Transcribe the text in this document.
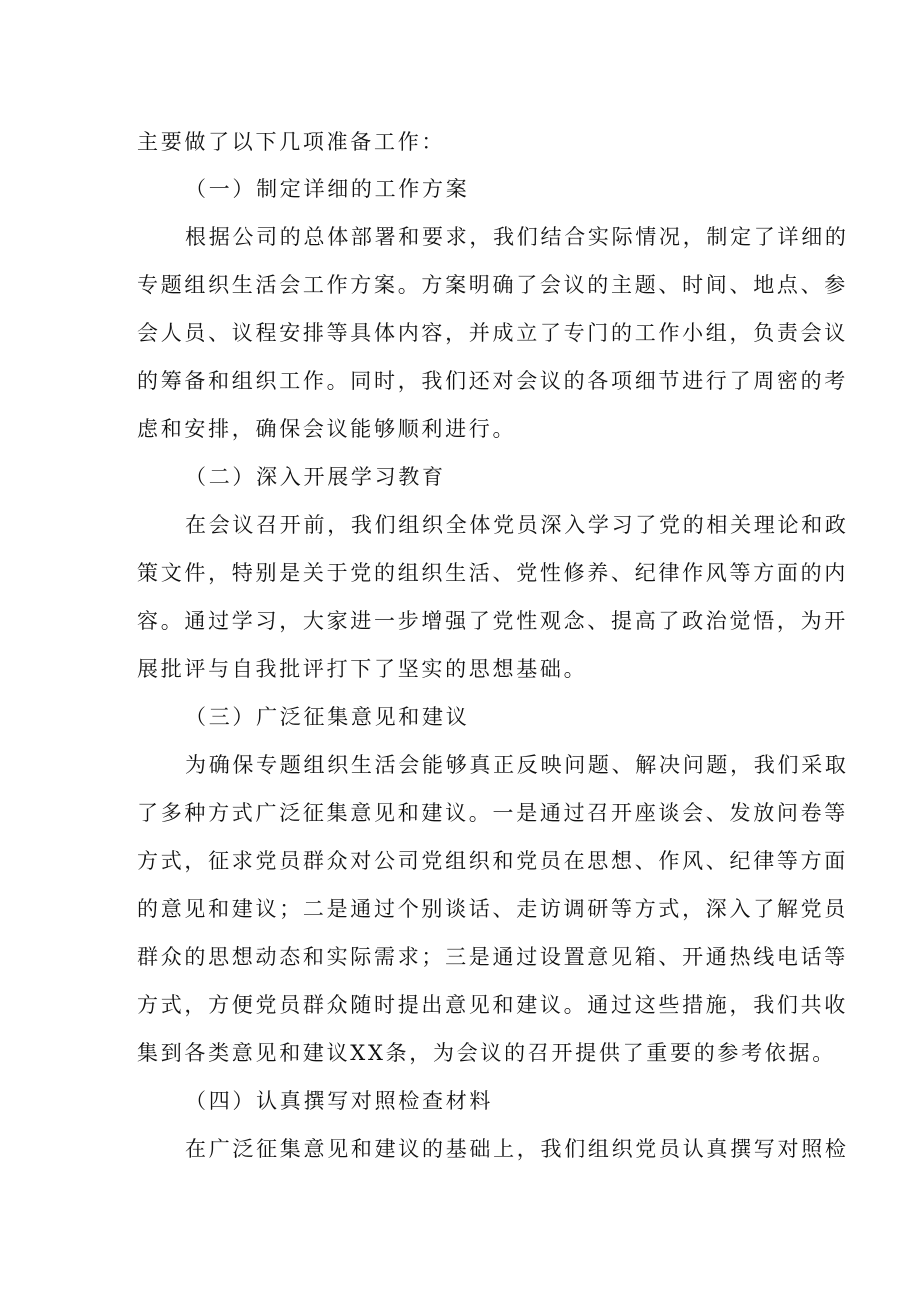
主要做了以下几项准备工作：
（一）制定详细的工作方案
根据公司的总体部署和要求，我们结合实际情况，制定了详细的
专题组织生活会工作方案。方案明确了会议的主题、时间、地点、参
会人员、议程安排等具体内容，并成立了专门的工作小组，负责会议
的筹备和组织工作。同时，我们还对会议的各项细节进行了周密的考
虑和安排，确保会议能够顺利进行。
（二）深入开展学习教育
在会议召开前，我们组织全体党员深入学习了党的相关理论和政
策文件，特别是关于党的组织生活、党性修养、纪律作风等方面的内
容。通过学习，大家进一步增强了党性观念、提高了政治觉悟，为开
展批评与自我批评打下了坚实的思想基础。
（三）广泛征集意见和建议
为确保专题组织生活会能够真正反映问题、解决问题，我们采取
了多种方式广泛征集意见和建议。一是通过召开座谈会、发放问卷等
方式，征求党员群众对公司党组织和党员在思想、作风、纪律等方面
的意见和建议；二是通过个别谈话、走访调研等方式，深入了解党员
群众的思想动态和实际需求；三是通过设置意见箱、开通热线电话等
方式，方便党员群众随时提出意见和建议。通过这些措施，我们共收
集到各类意见和建议XX条，为会议的召开提供了重要的参考依据。
（四）认真撰写对照检查材料
在广泛征集意见和建议的基础上，我们组织党员认真撰写对照检
